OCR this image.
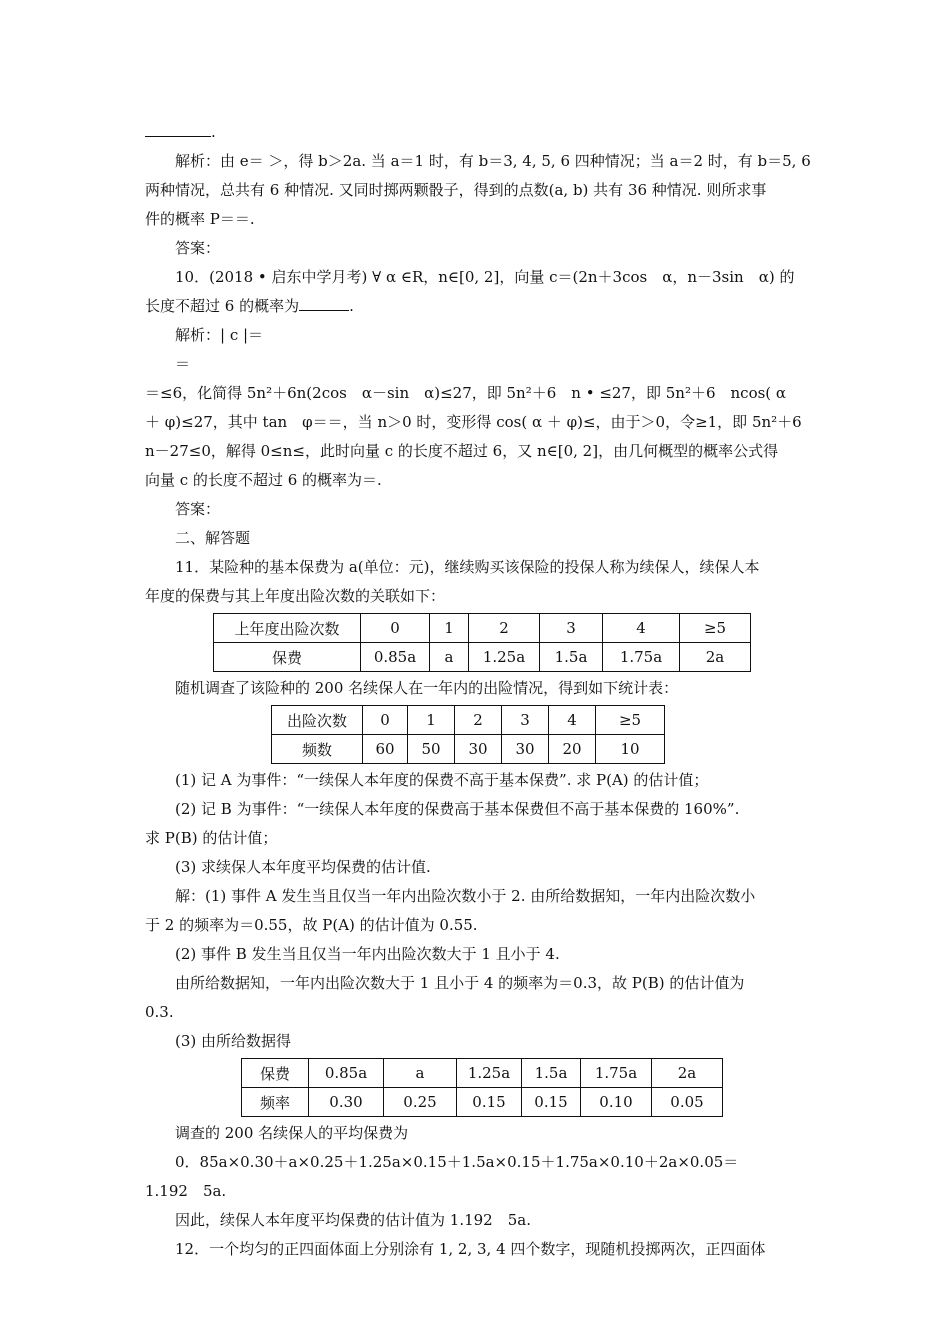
.
解析：由 e＝ ＞，得 b＞2a. 当 a＝1 时，有 b＝3, 4, 5, 6 四种情况；当 a＝2 时，有 b＝5, 6
两种情况，总共有 6 种情况. 又同时掷两颗骰子，得到的点数(a, b) 共有 36 种情况. 则所求事
件的概率 P＝＝.
答案：
10．(2018 • 启东中学月考) ∀ α ∈R，n∈[0, 2]，向量 c＝(2n＋3cos　α，n－3sin　α) 的
长度不超过 6 的概率为	.
解析：| c |＝
＝
＝≤6，化简得 5n²＋6n(2cos　α－sin　α)≤27，即 5n²＋6　n • ≤27，即 5n²＋6　ncos( α
＋ φ)≤27，其中 tan　φ＝＝，当 n＞0 时，变形得 cos( α ＋ φ)≤，由于＞0，令≥1，即 5n²＋6
n－27≤0，解得 0≤n≤，此时向量 c 的长度不超过 6，又 n∈[0, 2]，由几何概型的概率公式得
向量 c 的长度不超过 6 的概率为＝.
答案：
二、解答题
11．某险种的基本保费为 a(单位：元)，继续购买该保险的投保人称为续保人，续保人本
年度的保费与其上年度出险次数的关联如下：
上年度出险次数	0	1	2	3	4	≥5
保费	0.85a	a	1.25a	1.5a	1.75a	2a
随机调查了该险种的 200 名续保人在一年内的出险情况，得到如下统计表：
出险次数	0	1	2	3	4	≥5
频数	60	50	30	30	20	10
(1) 记 A 为事件：“一续保人本年度的保费不高于基本保费”. 求 P(A) 的估计值；
(2) 记 B 为事件：“一续保人本年度的保费高于基本保费但不高于基本保费的 160%”.
求 P(B) 的估计值；
(3) 求续保人本年度平均保费的估计值.
解：(1) 事件 A 发生当且仅当一年内出险次数小于 2. 由所给数据知，一年内出险次数小
于 2 的频率为＝0.55，故 P(A) 的估计值为 0.55.
(2) 事件 B 发生当且仅当一年内出险次数大于 1 且小于 4.
由所给数据知，一年内出险次数大于 1 且小于 4 的频率为＝0.3，故 P(B) 的估计值为
0.3.
(3) 由所给数据得
保费	0.85a	a	1.25a	1.5a	1.75a	2a
频率	0.30	0.25	0.15	0.15	0.10	0.05
调查的 200 名续保人的平均保费为
0．85a×0.30＋a×0.25＋1.25a×0.15＋1.5a×0.15＋1.75a×0.10＋2a×0.05＝
1.192　5a.
因此，续保人本年度平均保费的估计值为 1.192　5a.
12．一个均匀的正四面体面上分别涂有 1, 2, 3, 4 四个数字，现随机投掷两次，正四面体
